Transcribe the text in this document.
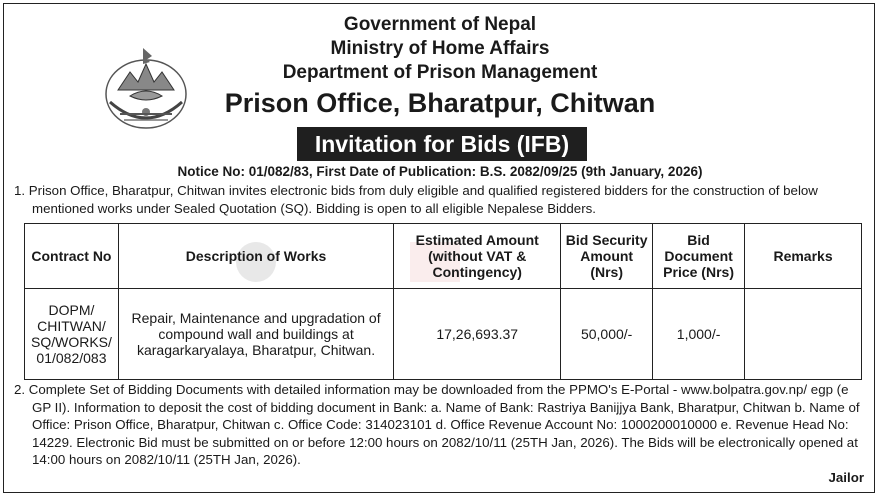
Government of Nepal
Ministry of Home Affairs
Department of Prison Management
Prison Office, Bharatpur, Chitwan
Invitation for Bids (IFB)
Notice No: 01/082/83, First Date of Publication: B.S. 2082/09/25 (9th January, 2026)
1. Prison Office, Bharatpur, Chitwan invites electronic bids from duly eligible and qualified registered bidders for the construction of below mentioned works under Sealed Quotation (SQ). Bidding is open to all eligible Nepalese Bidders.
Contract No	Description of Works	Estimated Amount (without VAT & Contingency)	Bid Security Amount (Nrs)	Bid Document Price (Nrs)	Remarks
DOPM/ CHITWAN/ SQ/WORKS/ 01/082/083	Repair, Maintenance and upgradation of compound wall and buildings at karagarkaryalaya, Bharatpur, Chitwan.	17,26,693.37	50,000/-	1,000/-	
2. Complete Set of Bidding Documents with detailed information may be downloaded from the PPMO's E-Portal - www.bolpatra.gov.np/ egp (e GP II). Information to deposit the cost of bidding document in Bank: a. Name of Bank: Rastriya Banijjya Bank, Bharatpur, Chitwan b. Name of Office: Prison Office, Bharatpur, Chitwan c. Office Code: 314023101 d. Office Revenue Account No: 1000200010000 e. Revenue Head No: 14229. Electronic Bid must be submitted on or before 12:00 hours on 2082/10/11 (25TH Jan, 2026). The Bids will be electronically opened at 14:00 hours on 2082/10/11 (25TH Jan, 2026).
Jailor
